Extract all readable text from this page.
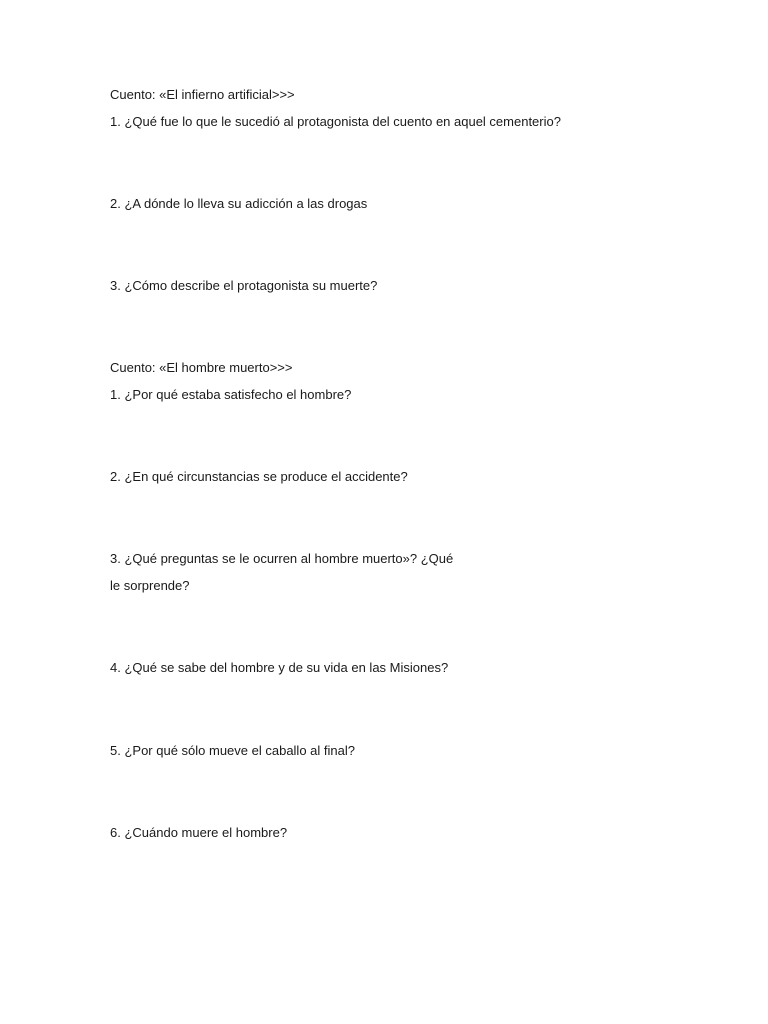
Cuento: «El infierno artificial>>>
1. ¿Qué fue lo que le sucedió al protagonista del cuento en aquel cementerio?
2. ¿A dónde lo lleva su adicción a las drogas
3. ¿Cómo describe el protagonista su muerte?
Cuento: «El hombre muerto>>>
1. ¿Por qué estaba satisfecho el hombre?
2. ¿En qué circunstancias se produce el accidente?
3. ¿Qué preguntas se le ocurren al hombre muerto»? ¿Qué
le sorprende?
4. ¿Qué se sabe del hombre y de su vida en las Misiones?
5. ¿Por qué sólo mueve el caballo al final?
6. ¿Cuándo muere el hombre?
